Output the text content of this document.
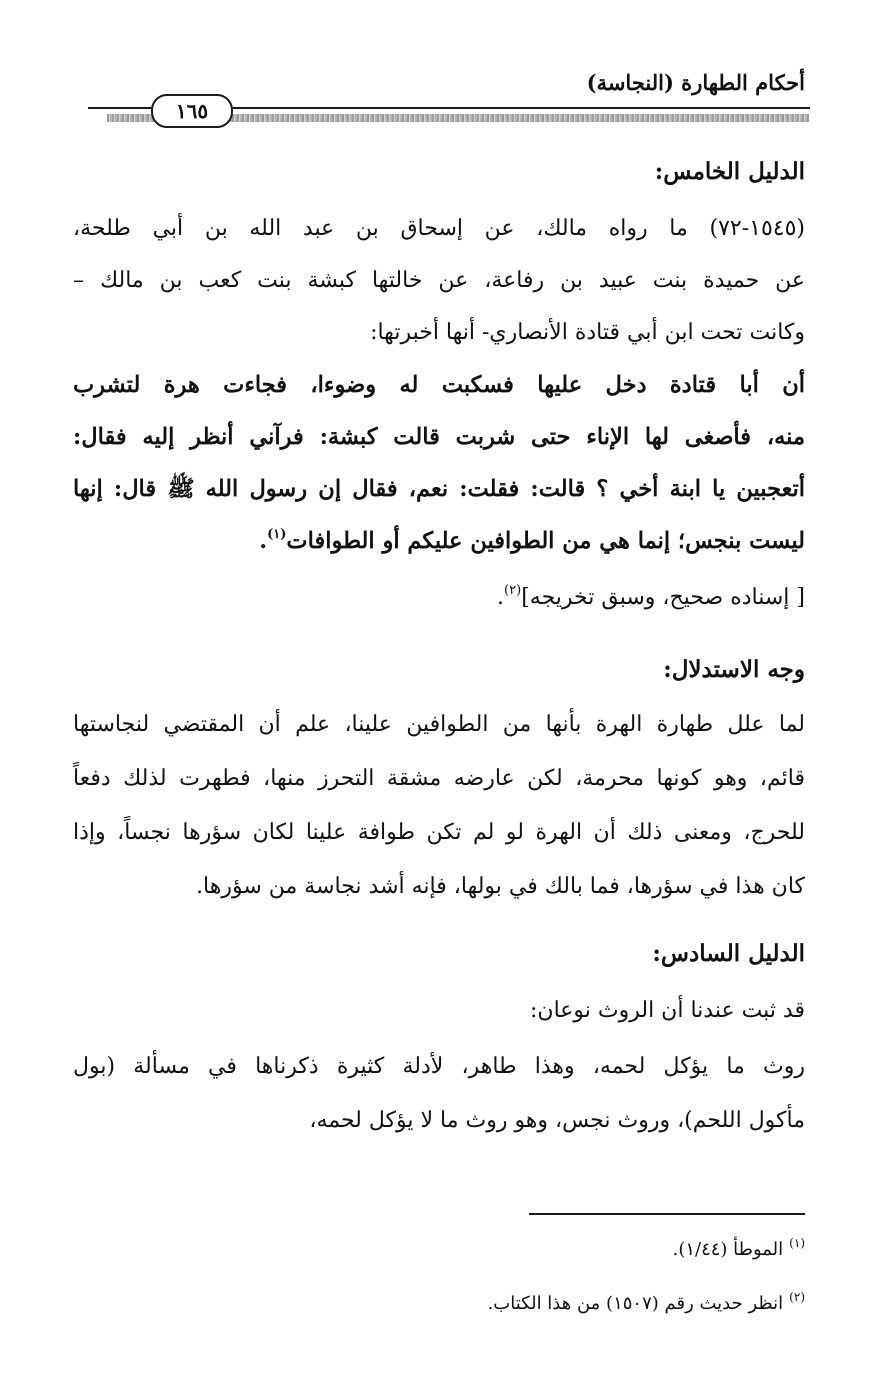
أحكام الطهارة (النجاسة)
١٦٥
الدليل الخامس:
(١٥٤٥-٧٢) ما رواه مالك، عن إسحاق بن عبد الله بن أبي طلحة،
عن حميدة بنت عبيد بن رفاعة، عن خالتها كبشة بنت كعب بن مالك –
وكانت تحت ابن أبي قتادة الأنصاري- أنها أخبرتها:
أن أبا قتادة دخل عليها فسكبت له وضوءا، فجاءت هرة لتشرب
منه، فأصغى لها الإناء حتى شربت قالت كبشة: فرآني أنظر إليه فقال:
أتعجبين يا ابنة أخي ؟ قالت: فقلت: نعم، فقال إن رسول الله ﷺ قال: إنها
ليست بنجس؛ إنما هي من الطوافين عليكم أو الطوافات$^{(١)}$.
[ إسناده صحيح، وسبق تخريجه]$^{(٢)}$.
وجه الاستدلال:
لما علل طهارة الهرة بأنها من الطوافين علينا، علم أن المقتضي لنجاستها
قائم، وهو كونها محرمة، لكن عارضه مشقة التحرز منها، فطهرت لذلك دفعاً
للحرج، ومعنى ذلك أن الهرة لو لم تكن طوافة علينا لكان سؤرها نجساً، وإذا
كان هذا في سؤرها، فما بالك في بولها، فإنه أشد نجاسة من سؤرها.
الدليل السادس:
قد ثبت عندنا أن الروث نوعان:
روث ما يؤكل لحمه، وهذا طاهر، لأدلة كثيرة ذكرناها في مسألة (بول
مأكول اللحم)، وروث نجس، وهو روث ما لا يؤكل لحمه،
$^{(١)}$الموطأ (١/٤٤).
$^{(٢)}$انظر حديث رقم (١٥٠٧) من هذا الكتاب.
